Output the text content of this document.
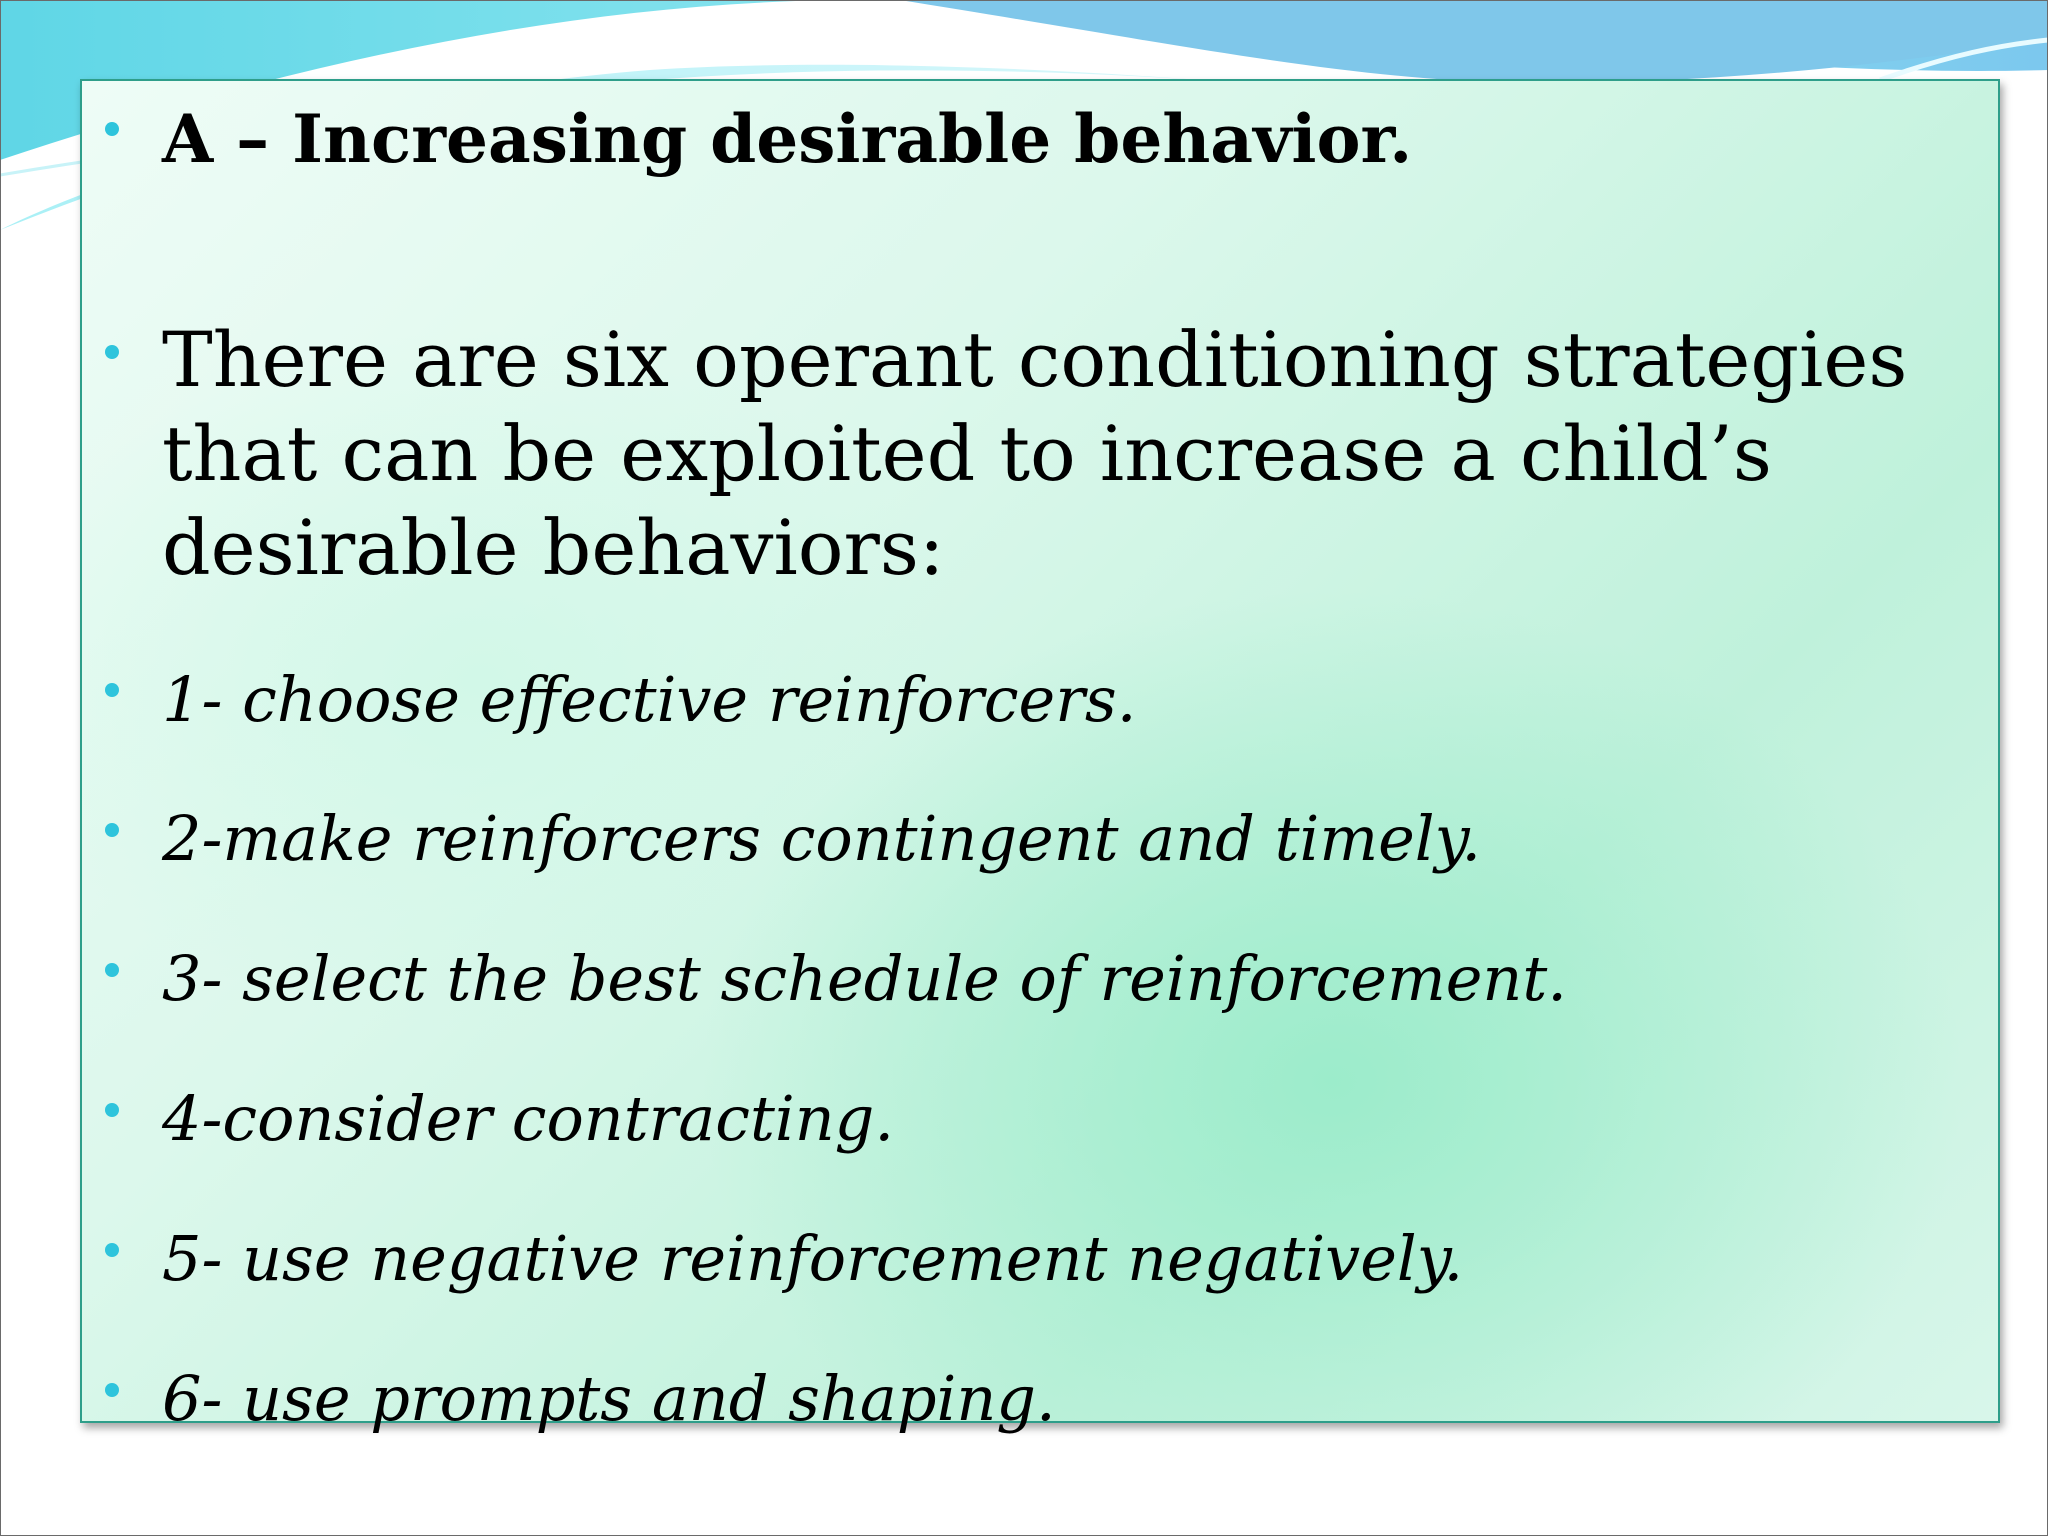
A – Increasing desirable behavior.
There are six operant conditioning strategies that can be exploited to increase a child’s desirable behaviors:
1- choose effective reinforcers.
2-make reinforcers contingent and timely.
3- select the best schedule of reinforcement.
4-consider contracting.
5- use negative reinforcement negatively.
6- use prompts and shaping.
